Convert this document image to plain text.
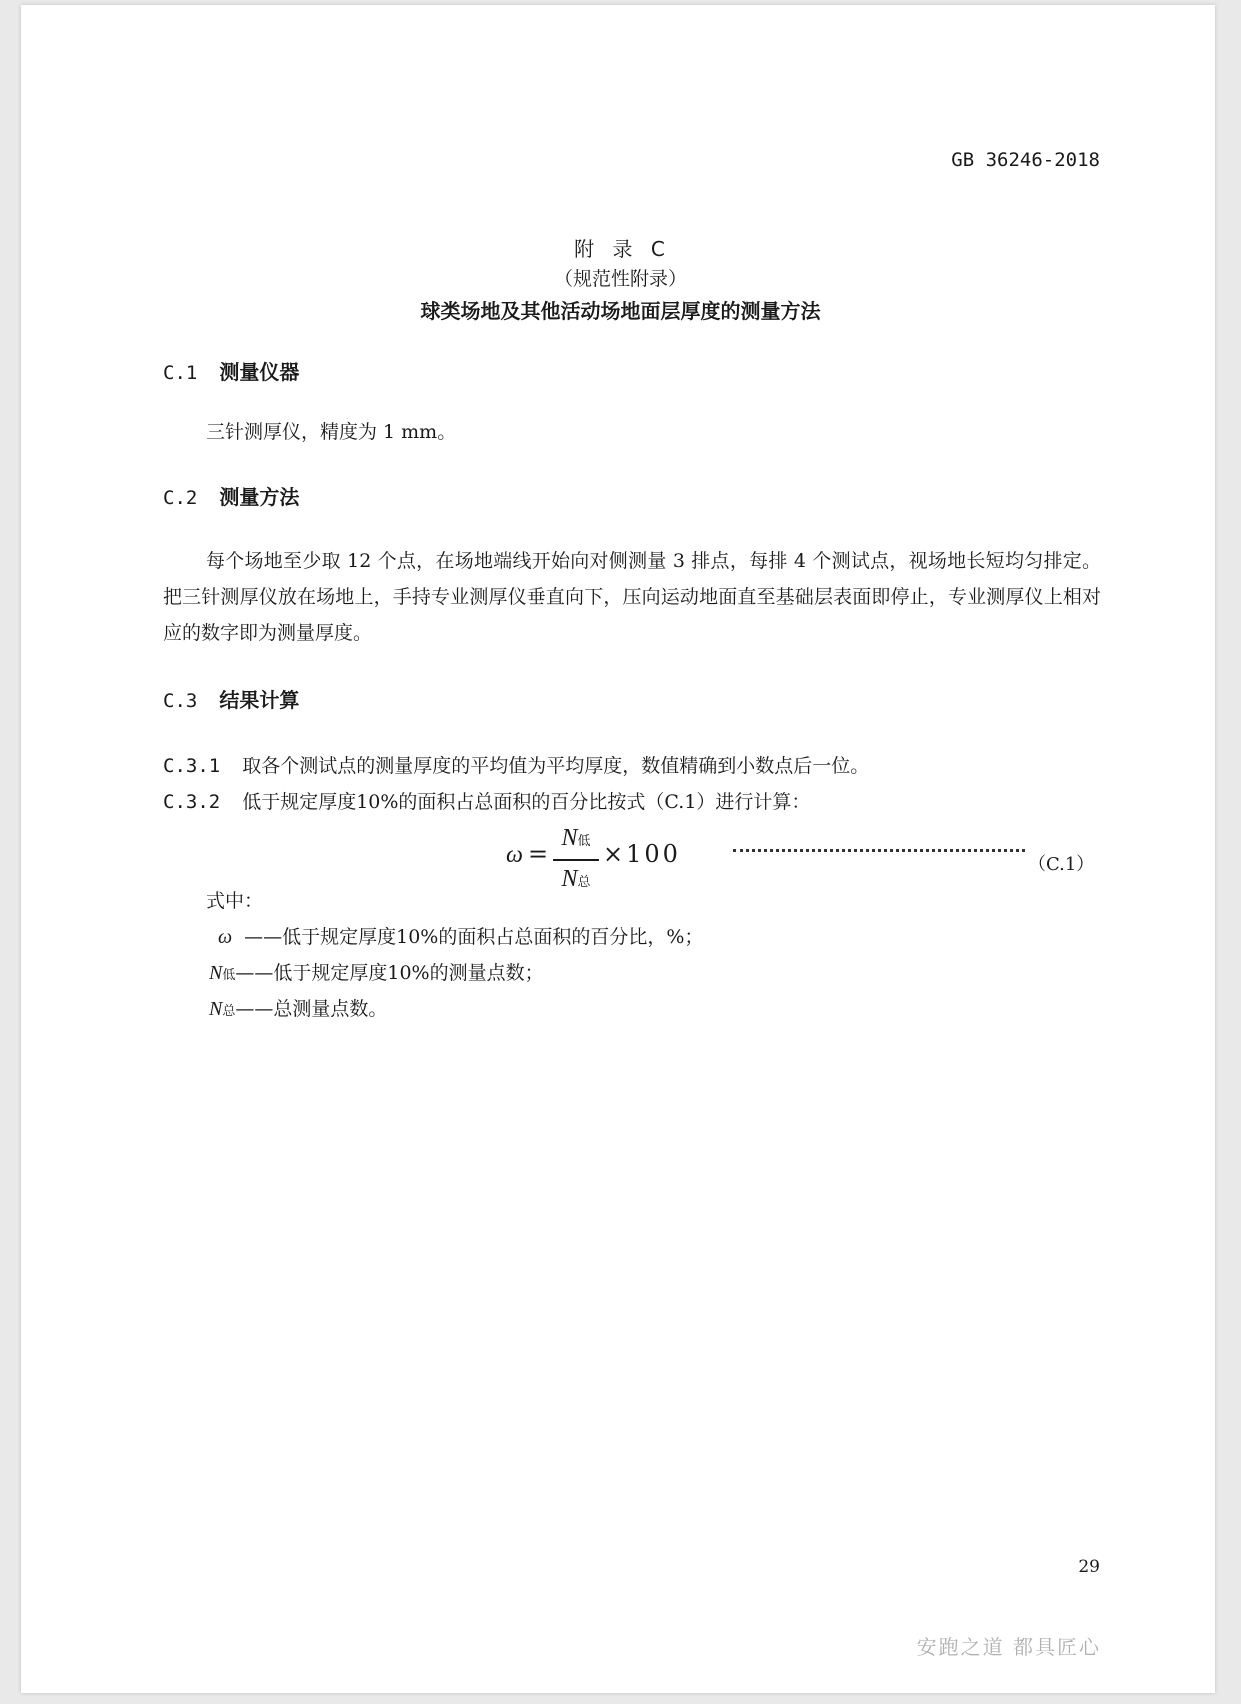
GB 36246-2018
附 录 C
（规范性附录）
球类场地及其他活动场地面层厚度的测量方法
C.1 测量仪器
三针测厚仪，精度为 1 mm。
C.2 测量方法
每个场地至少取 12 个点，在场地端线开始向对侧测量 3 排点，每排 4 个测试点，视场地长短均匀排定。把三针测厚仪放在场地上，手持专业测厚仪垂直向下，压向运动地面直至基础层表面即停止，专业测厚仪上相对应的数字即为测量厚度。
C.3 结果计算
C.3.1 取各个测试点的测量厚度的平均值为平均厚度，数值精确到小数点后一位。
C.3.2 低于规定厚度10%的面积占总面积的百分比按式（C.1）进行计算：
ω =
N低
N总
×100	（C.1）
式中：
ω ——低于规定厚度10%的面积占总面积的百分比，%；
N低——低于规定厚度10%的测量点数；
N总——总测量点数。
29
安跑之道 都具匠心
